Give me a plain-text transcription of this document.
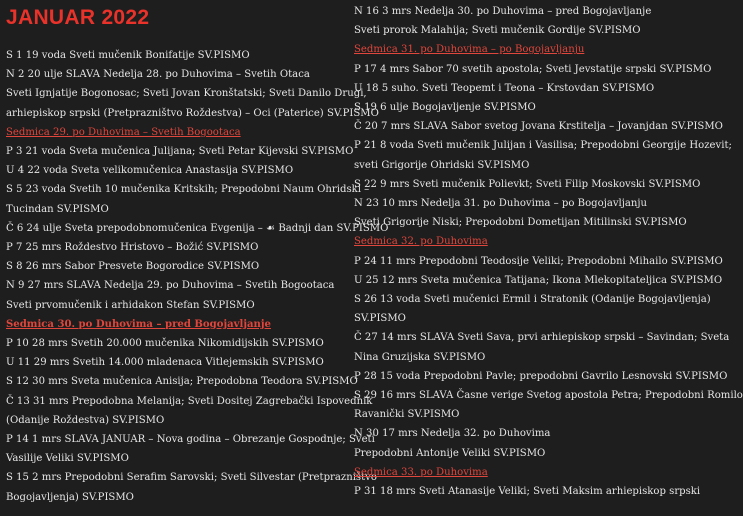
JANUAR 2022
S 1 19 voda Sveti mučenik Bonifatije SV.PISMO
N 2 20 ulje SLAVA Nedelja 28. po Duhovima – Svetih Otaca
Sveti Ignjatije Bogonosac; Sveti Jovan Kronštatski; Sveti Danilo Drugi,
arhiepiskop srpski (Pretprazništvo Roždestva) – Oci (Paterice) SV.PISMO
Sedmica 29. po Duhovima – Svetih Bogootaca
P 3 21 voda Sveta mučenica Julijana; Sveti Petar Kijevski SV.PISMO
U 4 22 voda Sveta velikomučenica Anastasija SV.PISMO
S 5 23 voda Svetih 10 mučenika Kritskih; Prepodobni Naum Ohridski –
Tucindan SV.PISMO
Č 6 24 ulje Sveta prepodobnomučenica Evgenija – ☙ Badnji dan SV.PISMO
P 7 25 mrs Roždestvo Hristovo – Božić SV.PISMO
S 8 26 mrs Sabor Presvete Bogorodice SV.PISMO
N 9 27 mrs SLAVA Nedelja 29. po Duhovima – Svetih Bogootaca
Sveti prvomučenik i arhidakon Stefan SV.PISMO
Sedmica 30. po Duhovima – pred Bogojavljanje
P 10 28 mrs Svetih 20.000 mučenika Nikomidijskih SV.PISMO
U 11 29 mrs Svetih 14.000 mladenaca Vitlejemskih SV.PISMO
S 12 30 mrs Sveta mučenica Anisija; Prepodobna Teodora SV.PISMO
Č 13 31 mrs Prepodobna Melanija; Sveti Dositej Zagrebački Ispovednik
(Odanije Roždestva) SV.PISMO
P 14 1 mrs SLAVA JANUAR – Nova godina – Obrezanje Gospodnje; Sveti
Vasilije Veliki SV.PISMO
S 15 2 mrs Prepodobni Serafim Sarovski; Sveti Silvestar (Pretprazništvo
Bogojavljenja) SV.PISMO
N 16 3 mrs Nedelja 30. po Duhovima – pred Bogojavljanje
Sveti prorok Malahija; Sveti mučenik Gordije SV.PISMO
Sedmica 31. po Duhovima – po Bogojavljanju
P 17 4 mrs Sabor 70 svetih apostola; Sveti Jevstatije srpski SV.PISMO
U 18 5 suho. Sveti Teopemt i Teona – Krstovdan SV.PISMO
S 19 6 ulje Bogojavljenje SV.PISMO
Č 20 7 mrs SLAVA Sabor svetog Jovana Krstitelja – Jovanjdan SV.PISMO
P 21 8 voda Sveti mučenik Julijan i Vasilisa; Prepodobni Georgije Hozevit;
sveti Grigorije Ohridski SV.PISMO
S 22 9 mrs Sveti mučenik Polievkt; Sveti Filip Moskovski SV.PISMO
N 23 10 mrs Nedelja 31. po Duhovima – po Bogojavljanju
Sveti Grigorije Niski; Prepodobni Dometijan Mitilinski SV.PISMO
Sedmica 32. po Duhovima
P 24 11 mrs Prepodobni Teodosije Veliki; Prepodobni Mihailo SV.PISMO
U 25 12 mrs Sveta mučenica Tatijana; Ikona Mlekopitateljica SV.PISMO
S 26 13 voda Sveti mučenici Ermil i Stratonik (Odanije Bogojavljenja)
SV.PISMO
Č 27 14 mrs SLAVA Sveti Sava, prvi arhiepiskop srpski – Savindan; Sveta
Nina Gruzijska SV.PISMO
P 28 15 voda Prepodobni Pavle; prepodobni Gavrilo Lesnovski SV.PISMO
S 29 16 mrs SLAVA Časne verige Svetog apostola Petra; Prepodobni Romilo
Ravanički SV.PISMO
N 30 17 mrs Nedelja 32. po Duhovima
Prepodobni Antonije Veliki SV.PISMO
Sedmica 33. po Duhovima
P 31 18 mrs Sveti Atanasije Veliki; Sveti Maksim arhiepiskop srpski
